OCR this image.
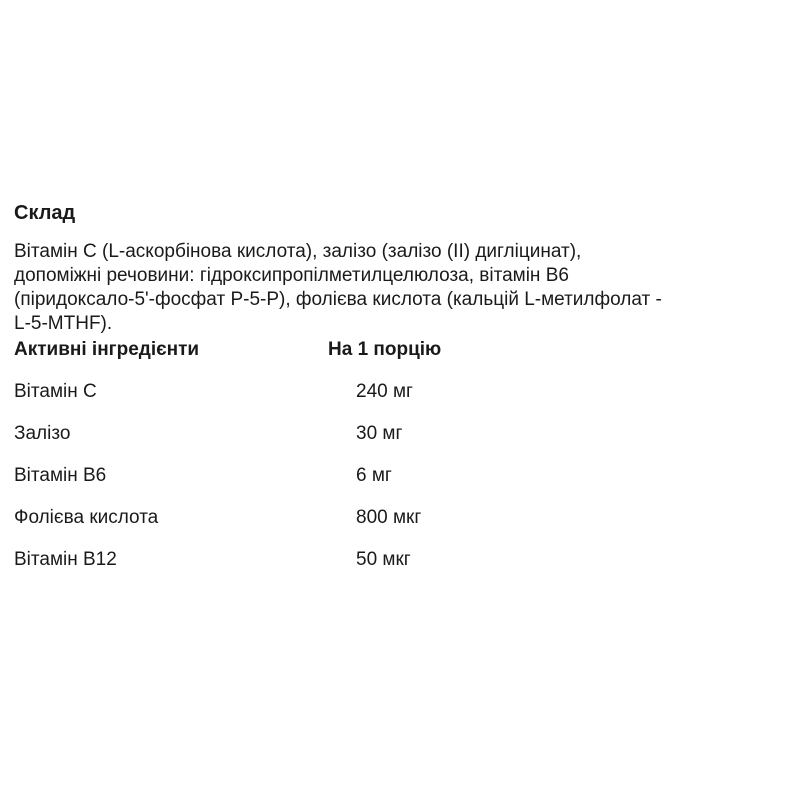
Склад

Вітамін С (L-аскорбінова кислота), залізо (залізо (II) дигліцинат),

допоміжні речовини: гідроксипропілметилцелюлоза, вітамін В6

(піридоксало-5'-фосфат Р-5-Р), фолієва кислота (кальцій L-метилфолат -

L-5-MTHF).

Активні інгредієнти	На 1 порцію
Вітамін С	240 мг
Залізо	30 мг
Вітамін В6	6 мг
Фолієва кислота	800 мкг
Вітамін В12	50 мкг
